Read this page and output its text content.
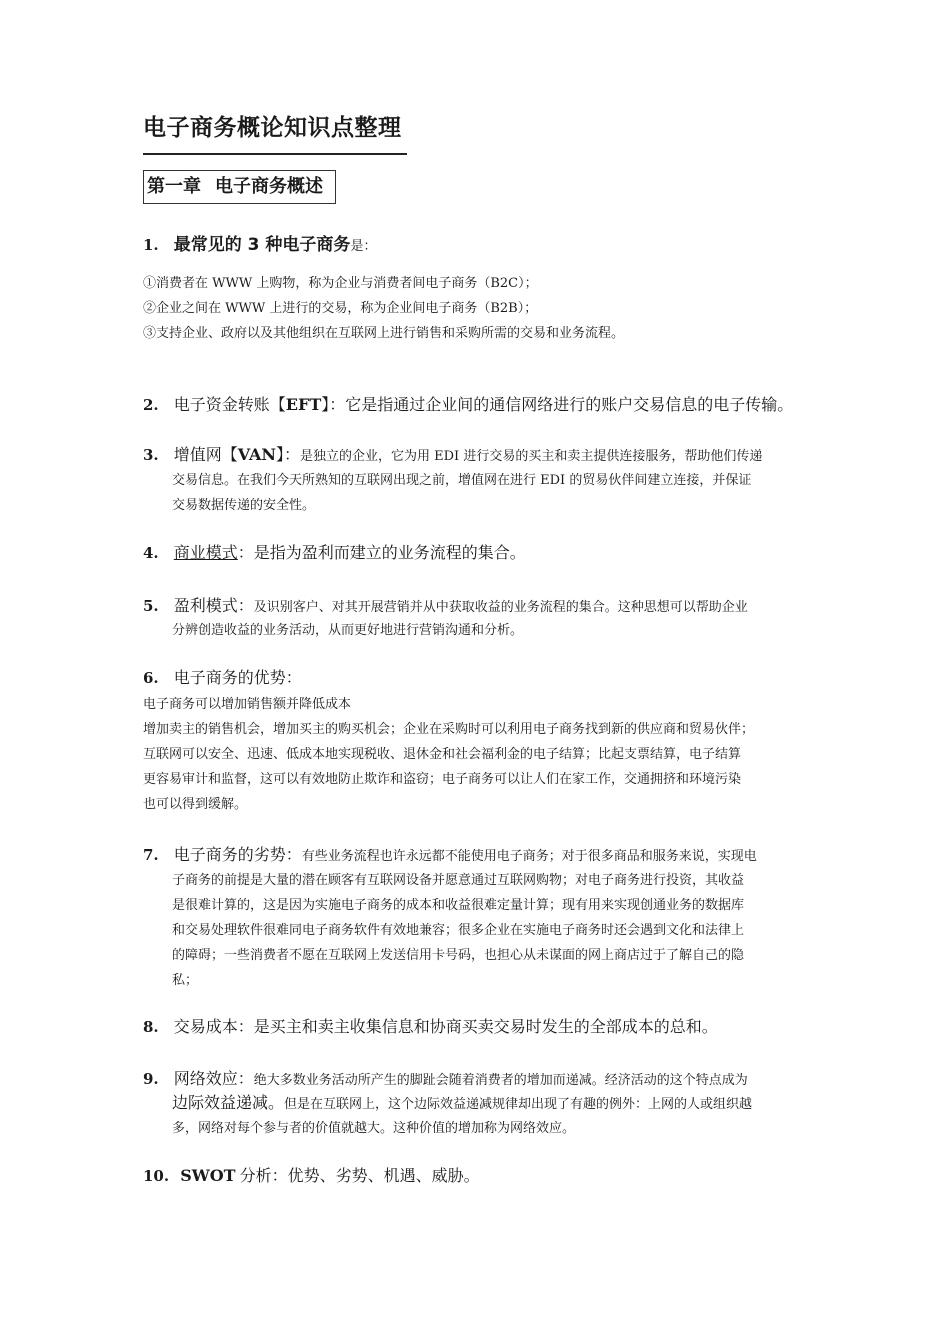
电子商务概论知识点整理
第一章 电子商务概述
1. 最常见的 3 种电子商务是：
①消费者在 WWW 上购物，称为企业与消费者间电子商务（B2C）；
②企业之间在 WWW 上进行的交易，称为企业间电子商务（B2B）；
③支持企业、政府以及其他组织在互联网上进行销售和采购所需的交易和业务流程。
2. 电子资金转账【EFT】：它是指通过企业间的通信网络进行的账户交易信息的电子传输。
3. 增值网【VAN】：是独立的企业，它为用 EDI 进行交易的买主和卖主提供连接服务，帮助他们传递
交易信息。在我们今天所熟知的互联网出现之前，增值网在进行 EDI 的贸易伙伴间建立连接，并保证
交易数据传递的安全性。
4. 商业模式：是指为盈利而建立的业务流程的集合。
5. 盈利模式：及识别客户、对其开展营销并从中获取收益的业务流程的集合。这种思想可以帮助企业
分辨创造收益的业务活动，从而更好地进行营销沟通和分析。
6. 电子商务的优势：
电子商务可以增加销售额并降低成本
增加卖主的销售机会，增加买主的购买机会；企业在采购时可以利用电子商务找到新的供应商和贸易伙伴；
互联网可以安全、迅速、低成本地实现税收、退休金和社会福利金的电子结算；比起支票结算，电子结算
更容易审计和监督，这可以有效地防止欺诈和盗窃；电子商务可以让人们在家工作，交通拥挤和环境污染
也可以得到缓解。
7. 电子商务的劣势：有些业务流程也许永远都不能使用电子商务；对于很多商品和服务来说，实现电
子商务的前提是大量的潜在顾客有互联网设备并愿意通过互联网购物；对电子商务进行投资，其收益
是很难计算的，这是因为实施电子商务的成本和收益很难定量计算；现有用来实现创通业务的数据库
和交易处理软件很难同电子商务软件有效地兼容；很多企业在实施电子商务时还会遇到文化和法律上
的障碍；一些消费者不愿在互联网上发送信用卡号码，也担心从未谋面的网上商店过于了解自己的隐
私；
8. 交易成本：是买主和卖主收集信息和协商买卖交易时发生的全部成本的总和。
9. 网络效应：绝大多数业务活动所产生的脚趾会随着消费者的增加而递减。经济活动的这个特点成为
边际效益递减。但是在互联网上，这个边际效益递减规律却出现了有趣的例外：上网的人或组织越
多，网络对每个参与者的价值就越大。这种价值的增加称为网络效应。
10. SWOT 分析：优势、劣势、机遇、威胁。
